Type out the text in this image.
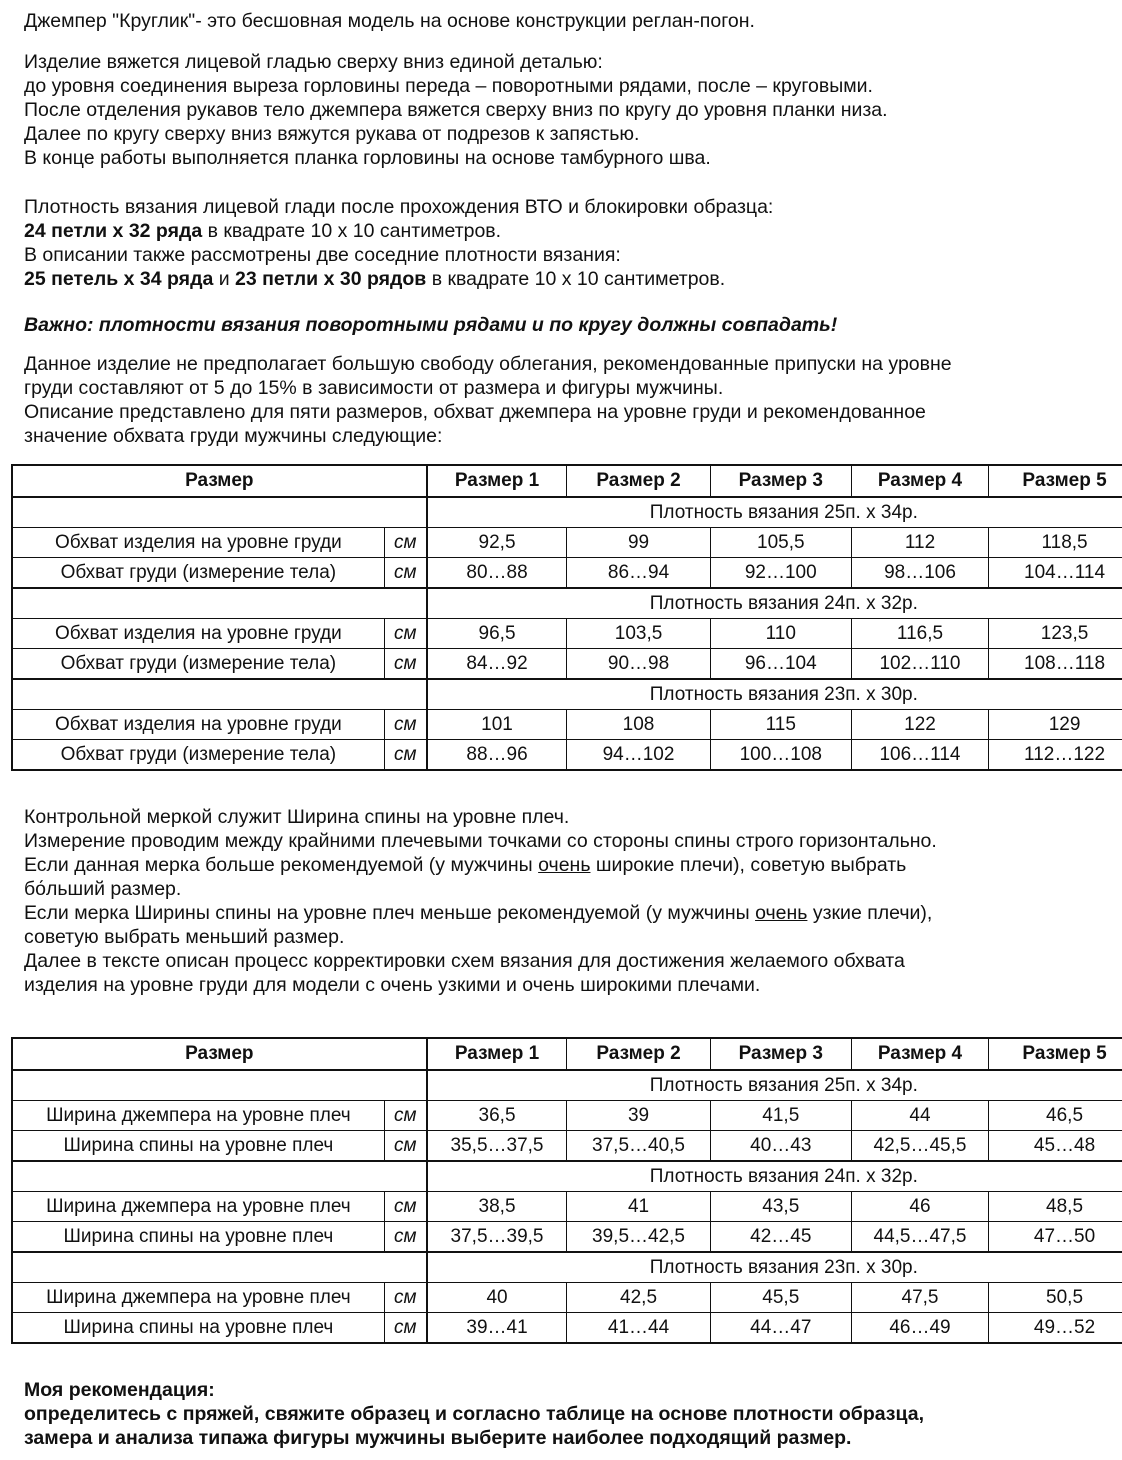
Джемпер "Круглик"- это бесшовная модель на основе конструкции реглан-погон.

Изделие вяжется лицевой гладью сверху вниз единой деталью:
до уровня соединения выреза горловины переда – поворотными рядами, после – круговыми.
После отделения рукавов тело джемпера вяжется сверху вниз по кругу до уровня планки низа.
Далее по кругу сверху вниз вяжутся рукава от подрезов к запястью.
В конце работы выполняется планка горловины на основе тамбурного шва.

Плотность вязания лицевой глади после прохождения ВТО и блокировки образца:
24 петли х 32 ряда в квадрате 10 х 10 сантиметров.
В описании также рассмотрены две соседние плотности вязания:
25 петель х 34 ряда и 23 петли х 30 рядов в квадрате 10 х 10 сантиметров.

Важно: плотности вязания поворотными рядами и по кругу должны совпадать!

Данное изделие не предполагает большую свободу облегания, рекомендованные припуски на уровне
груди составляют от 5 до 15% в зависимости от размера и фигуры мужчины.
Описание представлено для пяти размеров, обхват джемпера на уровне груди и рекомендованное
значение обхвата груди мужчины следующие:

Размер		Размер 1	Размер 2	Размер 3	Размер 4	Размер 5
		Плотность вязания 25п. х 34р.				
Обхват изделия на уровне груди	см	92,5	99	105,5	112	118,5
Обхват груди (измерение тела)	см	80…88	86…94	92…100	98…106	104…114
		Плотность вязания 24п. х 32р.				
Обхват изделия на уровне груди	см	96,5	103,5	110	116,5	123,5
Обхват груди (измерение тела)	см	84…92	90…98	96…104	102…110	108…118
		Плотность вязания 23п. х 30р.				
Обхват изделия на уровне груди	см	101	108	115	122	129
Обхват груди (измерение тела)	см	88…96	94…102	100…108	106…114	112…122

Контрольной меркой служит Ширина спины на уровне плеч.
Измерение проводим между крайними плечевыми точками со стороны спины строго горизонтально.
Если данная мерка больше рекомендуемой (у мужчины очень широкие плечи), советую выбрать
бо́льший размер.
Если мерка Ширины спины на уровне плеч меньше рекомендуемой (у мужчины очень узкие плечи),
советую выбрать меньший размер.
Далее в тексте описан процесс корректировки схем вязания для достижения желаемого обхвата
изделия на уровне груди для модели с очень узкими и очень широкими плечами.

Размер		Размер 1	Размер 2	Размер 3	Размер 4	Размер 5
		Плотность вязания 25п. х 34р.				
Ширина джемпера на уровне плеч	см	36,5	39	41,5	44	46,5
Ширина спины на уровне плеч	см	35,5…37,5	37,5…40,5	40…43	42,5…45,5	45…48
		Плотность вязания 24п. х 32р.				
Ширина джемпера на уровне плеч	см	38,5	41	43,5	46	48,5
Ширина спины на уровне плеч	см	37,5…39,5	39,5…42,5	42…45	44,5…47,5	47…50
		Плотность вязания 23п. х 30р.				
Ширина джемпера на уровне плеч	см	40	42,5	45,5	47,5	50,5
Ширина спины на уровне плеч	см	39…41	41…44	44…47	46…49	49…52

Моя рекомендация:
определитесь с пряжей, свяжите образец и согласно таблице на основе плотности образца,
замера и анализа типажа фигуры мужчины выберите наиболее подходящий размер.
